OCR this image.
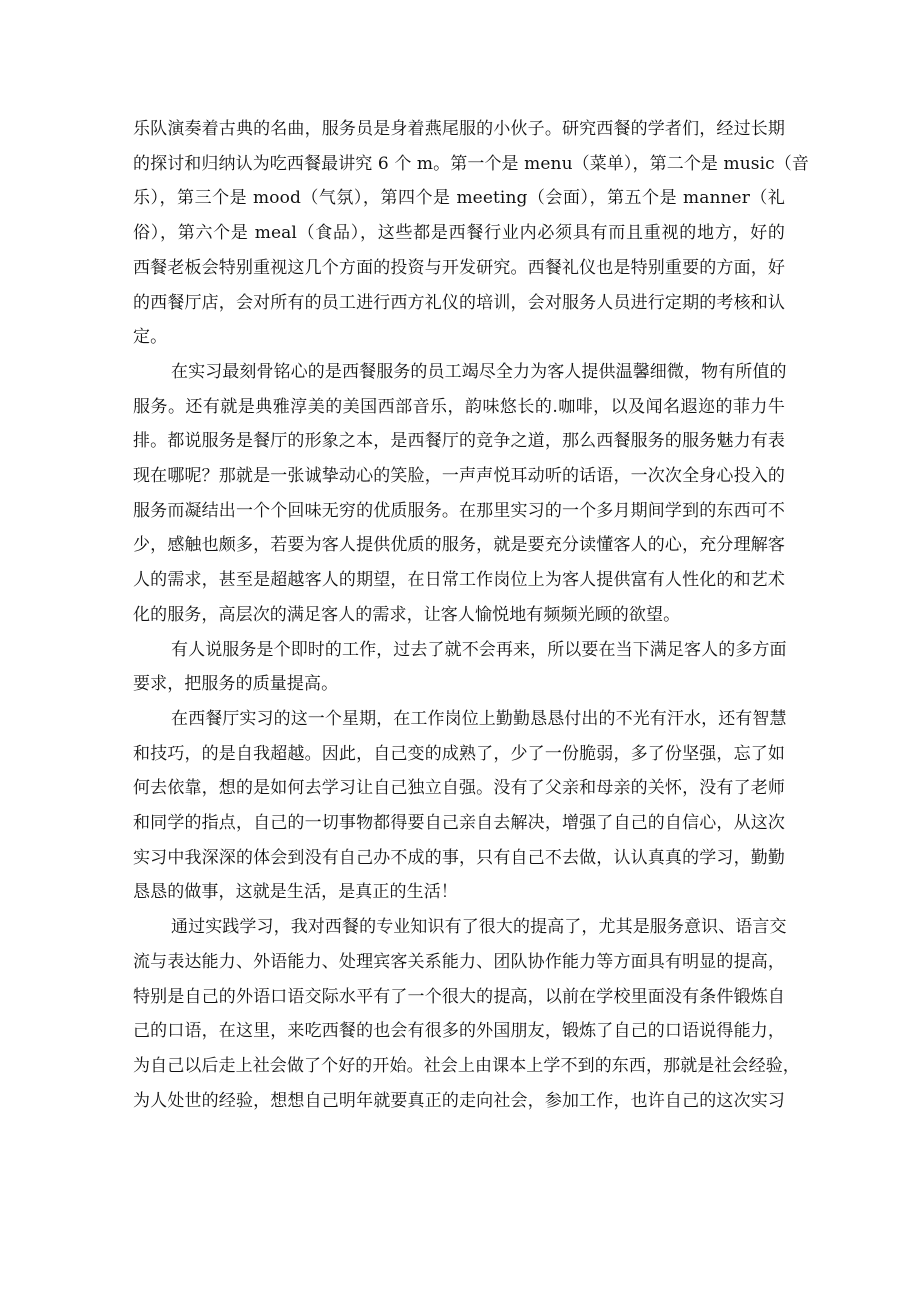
乐队演奏着古典的名曲，服务员是身着燕尾服的小伙子。研究西餐的学者们，经过长期
的探讨和归纳认为吃西餐最讲究 6 个 m。第一个是 menu（菜单），第二个是 music（音
乐），第三个是 mood（气氛），第四个是 meeting（会面），第五个是 manner（礼
俗），第六个是 meal（食品），这些都是西餐行业内必须具有而且重视的地方，好的
西餐老板会特别重视这几个方面的投资与开发研究。西餐礼仪也是特别重要的方面，好
的西餐厅店，会对所有的员工进行西方礼仪的培训，会对服务人员进行定期的考核和认
定。

在实习最刻骨铭心的是西餐服务的员工竭尽全力为客人提供温馨细微，物有所值的
服务。还有就是典雅淳美的美国西部音乐，韵味悠长的.咖啡，以及闻名遐迩的菲力牛
排。都说服务是餐厅的形象之本，是西餐厅的竞争之道，那么西餐服务的服务魅力有表
现在哪呢？那就是一张诚挚动心的笑脸，一声声悦耳动听的话语，一次次全身心投入的
服务而凝结出一个个回味无穷的优质服务。在那里实习的一个多月期间学到的东西可不
少，感触也颇多，若要为客人提供优质的服务，就是要充分读懂客人的心，充分理解客
人的需求，甚至是超越客人的期望，在日常工作岗位上为客人提供富有人性化的和艺术
化的服务，高层次的满足客人的需求，让客人愉悦地有频频光顾的欲望。

有人说服务是个即时的工作，过去了就不会再来，所以要在当下满足客人的多方面
要求，把服务的质量提高。

在西餐厅实习的这一个星期，在工作岗位上勤勤恳恳付出的不光有汗水，还有智慧
和技巧，的是自我超越。因此，自己变的成熟了，少了一份脆弱，多了份坚强，忘了如
何去依靠，想的是如何去学习让自己独立自强。没有了父亲和母亲的关怀，没有了老师
和同学的指点，自己的一切事物都得要自己亲自去解决，增强了自己的自信心，从这次
实习中我深深的体会到没有自己办不成的事，只有自己不去做，认认真真的学习，勤勤
恳恳的做事，这就是生活，是真正的生活！

通过实践学习，我对西餐的专业知识有了很大的提高了，尤其是服务意识、语言交
流与表达能力、外语能力、处理宾客关系能力、团队协作能力等方面具有明显的提高，
特别是自己的外语口语交际水平有了一个很大的提高，以前在学校里面没有条件锻炼自
己的口语，在这里，来吃西餐的也会有很多的外国朋友，锻炼了自己的口语说得能力，
为自己以后走上社会做了个好的开始。社会上由课本上学不到的东西，那就是社会经验，
为人处世的经验，想想自己明年就要真正的走向社会，参加工作，也许自己的这次实习
